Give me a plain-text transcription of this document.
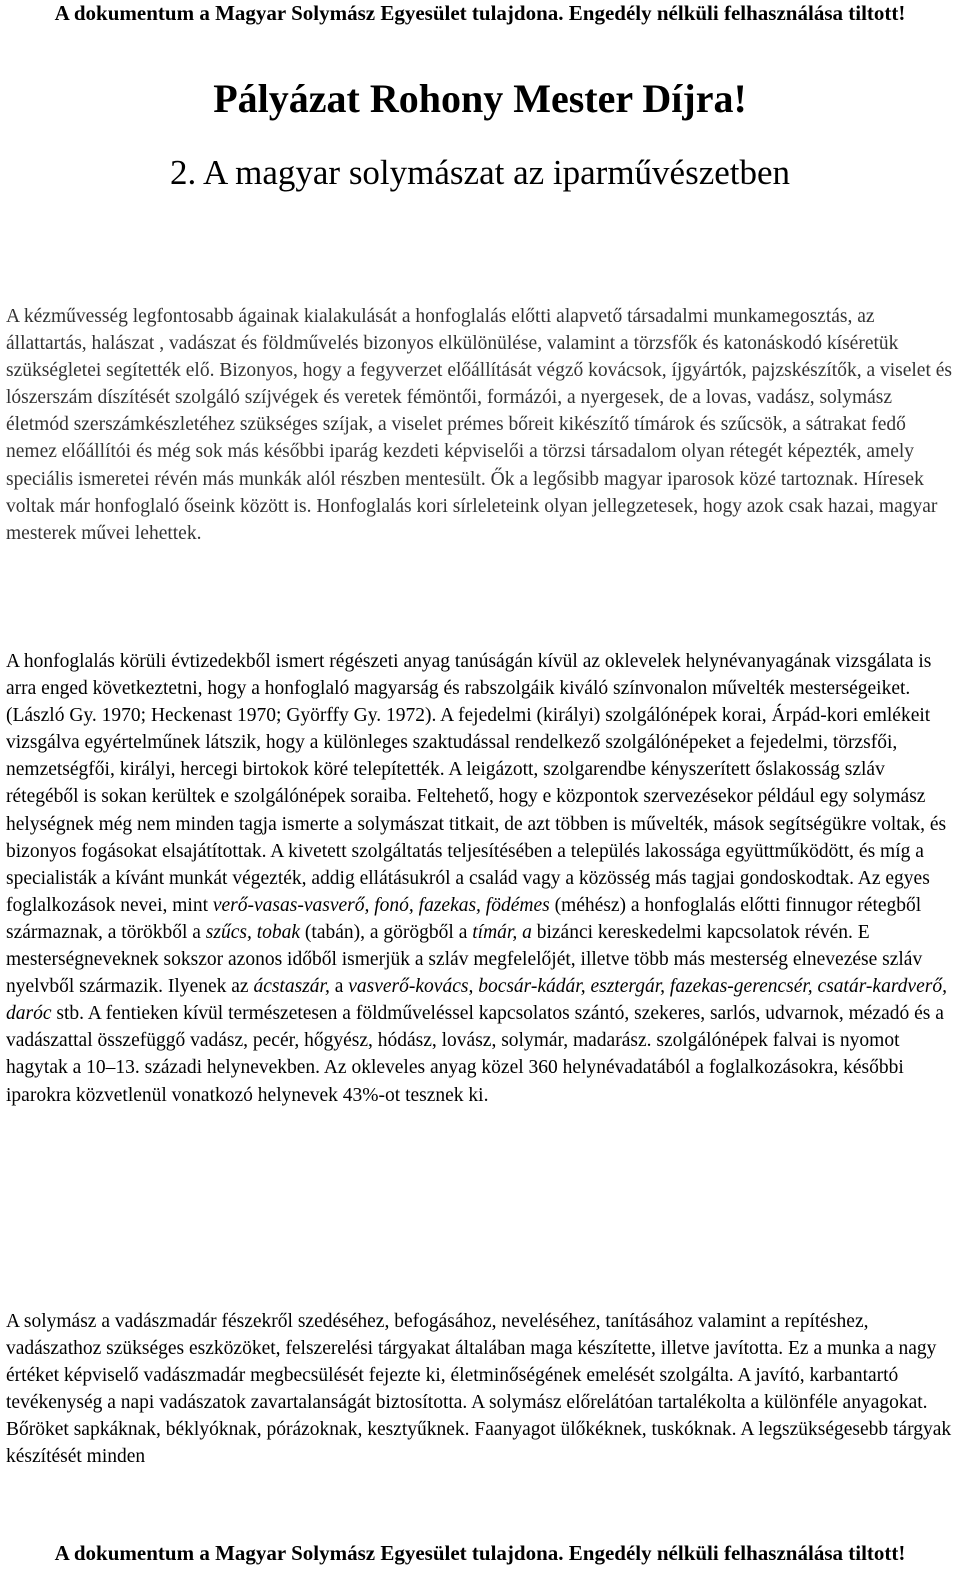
A dokumentum a Magyar Solymász Egyesület tulajdona. Engedély nélküli felhasználása tiltott!
Pályázat Rohony Mester Díjra!
2. A magyar solymászat az iparművészetben

A kézművesség legfontosabb ágainak kialakulását a honfoglalás előtti alapvető társadalmi munkamegosztás, az állattartás, halászat , vadászat és földművelés bizonyos elkülönülése, valamint a törzsfők és katonáskodó kíséretük szükségletei segítették elő. Bizonyos, hogy a fegyverzet előállítását végző kovácsok, íjgyártók, pajzskészítők, a viselet és lószerszám díszítését szolgáló szíjvégek és veretek fémöntői, formázói, a nyergesek, de a lovas, vadász, solymász életmód szerszámkészletéhez szükséges szíjak, a viselet prémes bőreit kikészítő tímárok és szűcsök, a sátrakat fedő nemez előállítói és még sok más későbbi iparág kezdeti képviselői a törzsi társadalom olyan rétegét képezték, amely speciális ismeretei révén más munkák alól részben mentesült. Ők a legősibb magyar iparosok közé tartoznak. Híresek voltak már honfoglaló őseink között is. Honfoglalás kori sírleleteink olyan jellegzetesek, hogy azok csak hazai, magyar mesterek művei lehettek.

A honfoglalás körüli évtizedekből ismert régészeti anyag tanúságán kívül az oklevelek helynévanyagának vizsgálata is arra enged következtetni, hogy a honfoglaló magyarság és rabszolgáik kiváló színvonalon művelték mesterségeiket. (László Gy. 1970; Heckenast 1970; Györffy Gy. 1972). A fejedelmi (királyi) szolgálónépek korai, Árpád-kori emlékeit vizsgálva egyértelműnek látszik, hogy a különleges szaktudással rendelkező szolgálónépeket a fejedelmi, törzsfői, nemzetségfői, királyi, hercegi birtokok köré telepítették. A leigázott, szolgarendbe kényszerített őslakosság szláv rétegéből is sokan kerültek e szolgálónépek soraiba. Feltehető, hogy e központok szervezésekor például egy solymász helységnek még nem minden tagja ismerte a solymászat titkait, de azt többen is művelték, mások segítségükre voltak, és bizonyos fogásokat elsajátítottak. A kivetett szolgáltatás teljesítésében a település lakossága együttműködött, és míg a specialisták a kívánt munkát végezték, addig ellátásukról a család vagy a közösség más tagjai gondoskodtak. Az egyes foglalkozások nevei, mint verő-vasas-vasverő, fonó, fazekas, födémes (méhész) a honfoglalás előtti finnugor rétegből származnak, a törökből a szűcs, tobak (tabán), a görögből a tímár, a bizánci kereskedelmi kapcsolatok révén. E mesterségneveknek sokszor azonos időből ismerjük a szláv megfelelőjét, illetve több más mesterség elnevezése szláv nyelvből származik. Ilyenek az ácstaszár, a vasverő-kovács, bocsár-kádár, esztergár, fazekas-gerencsér, csatár-kardverő, daróc stb. A fentieken kívül természetesen a földműveléssel kapcsolatos szántó, szekeres, sarlós, udvarnok, mézadó és a vadászattal összefüggő vadász, pecér, hőgyész, hódász, lovász, solymár, madarász. szolgálónépek falvai is nyomot hagytak a 10–13. századi helynevekben. Az okleveles anyag közel 360 helynévadatából a foglalkozásokra, későbbi iparokra közvetlenül vonatkozó helynevek 43%-ot tesznek ki.

A solymász a vadászmadár fészekről szedéséhez, befogásához, neveléséhez, tanításához valamint a repítéshez, vadászathoz szükséges eszközöket, felszerelési tárgyakat általában maga készítette, illetve javította. Ez a munka a nagy értéket képviselő vadászmadár megbecsülését fejezte ki, életminőségének emelését szolgálta. A javító, karbantartó tevékenység a napi vadászatok zavartalanságát biztosította. A solymász előrelátóan tartalékolta a különféle anyagokat. Bőröket sapkáknak, béklyóknak, pórázoknak, kesztyűknek. Faanyagot ülőkéknek, tuskóknak. A legszükségesebb tárgyak készítését minden

A dokumentum a Magyar Solymász Egyesület tulajdona. Engedély nélküli felhasználása tiltott!
